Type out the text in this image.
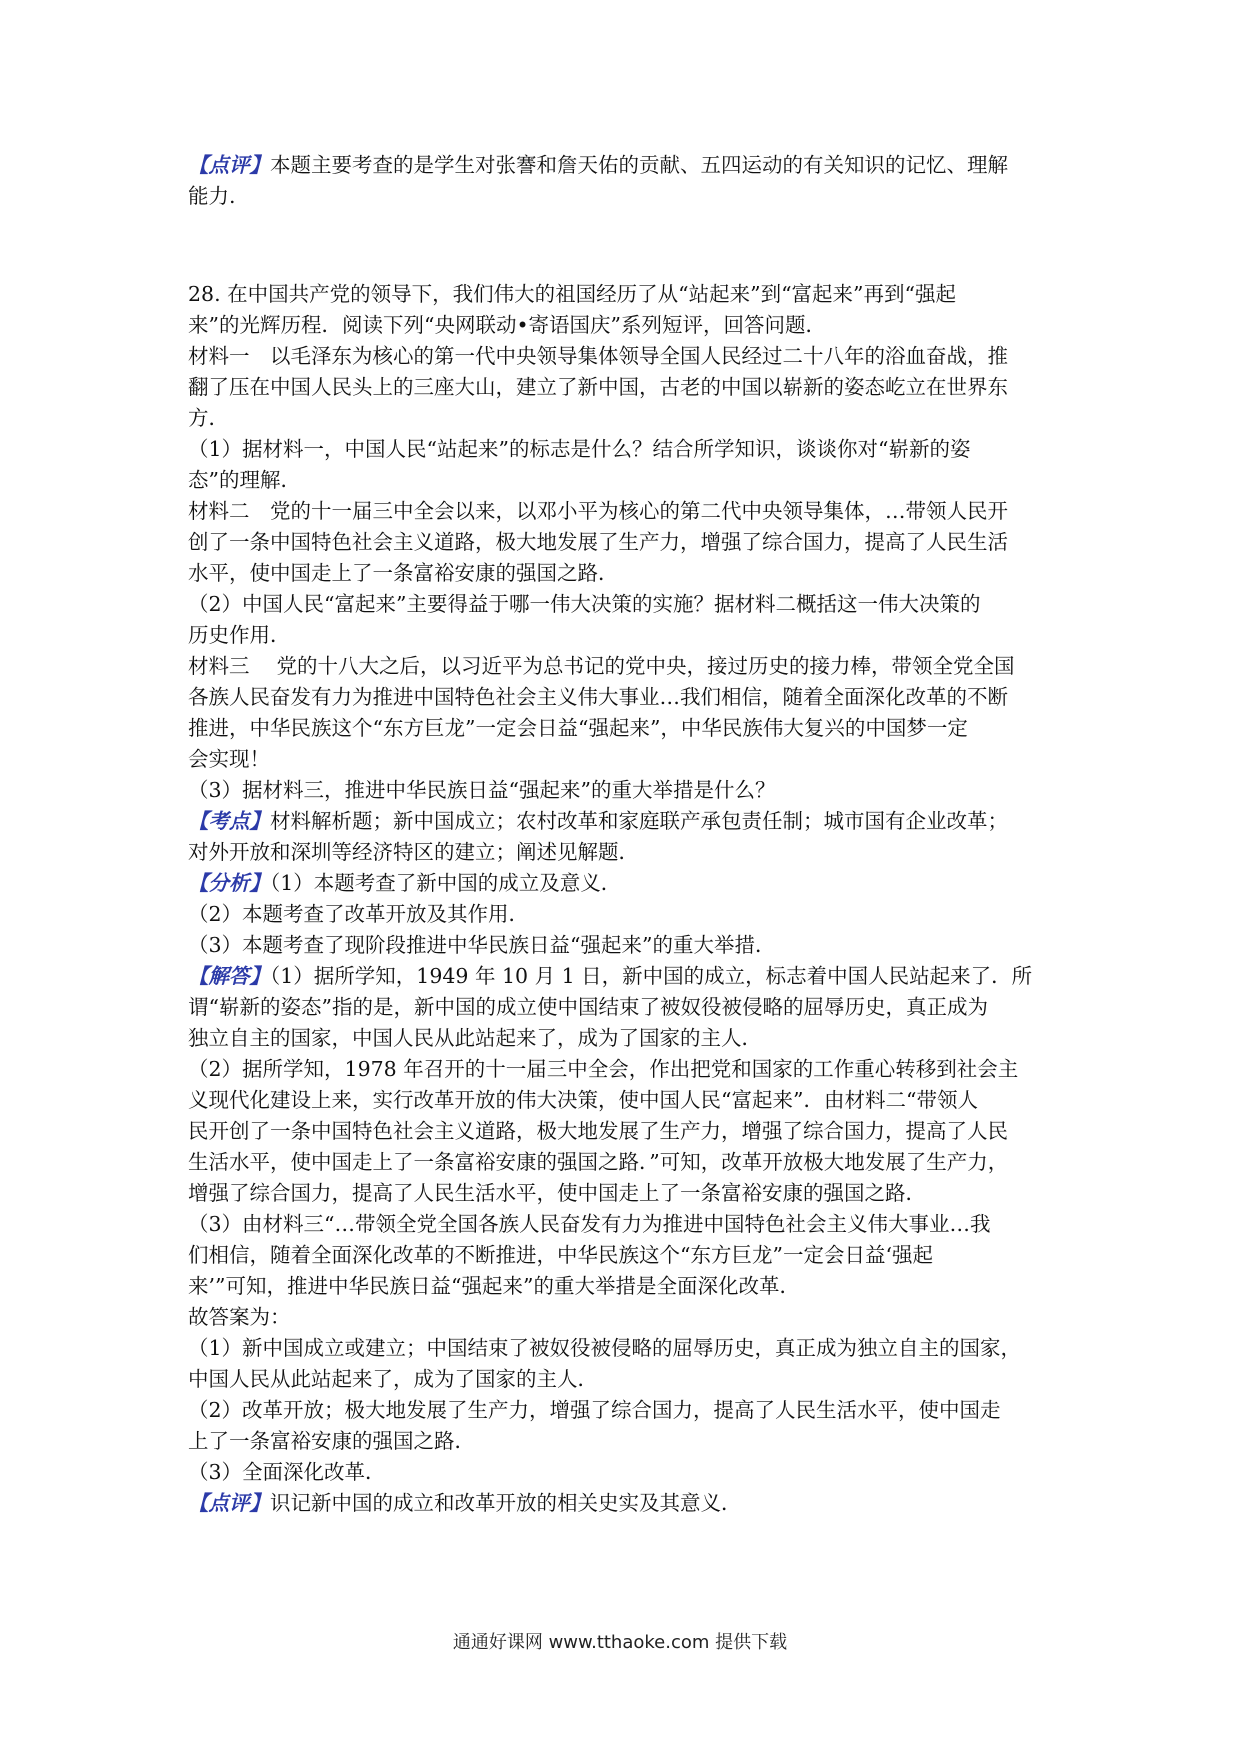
【点评】本题主要考查的是学生对张謇和詹天佑的贡献、五四运动的有关知识的记忆、理解
能力.
28. 在中国共产党的领导下，我们伟大的祖国经历了从“站起来”到“富起来”再到“强起
来”的光辉历程．阅读下列“央网联动•寄语国庆”系列短评，回答问题．
材料一　以毛泽东为核心的第一代中央领导集体领导全国人民经过二十八年的浴血奋战，推
翻了压在中国人民头上的三座大山，建立了新中国，古老的中国以崭新的姿态屹立在世界东
方．
（1）据材料一，中国人民“站起来”的标志是什么？结合所学知识，谈谈你对“崭新的姿
态”的理解．
材料二　党的十一届三中全会以来，以邓小平为核心的第二代中央领导集体，…带领人民开
创了一条中国特色社会主义道路，极大地发展了生产力，增强了综合国力，提高了人民生活
水平，使中国走上了一条富裕安康的强国之路．
（2）中国人民“富起来”主要得益于哪一伟大决策的实施？据材料二概括这一伟大决策的
历史作用．
材料三　 党的十八大之后，以习近平为总书记的党中央，接过历史的接力棒，带领全党全国
各族人民奋发有力为推进中国特色社会主义伟大事业…我们相信，随着全面深化改革的不断
推进，中华民族这个“东方巨龙”一定会日益“强起来”，中华民族伟大复兴的中国梦一定
会实现！
（3）据材料三，推进中华民族日益“强起来”的重大举措是什么？
【考点】材料解析题；新中国成立；农村改革和家庭联产承包责任制；城市国有企业改革；
对外开放和深圳等经济特区的建立；阐述见解题．
【分析】（1）本题考查了新中国的成立及意义．
（2）本题考查了改革开放及其作用．
（3）本题考查了现阶段推进中华民族日益“强起来”的重大举措．
【解答】（1）据所学知，1949 年 10 月 1 日，新中国的成立，标志着中国人民站起来了．所
谓“崭新的姿态”指的是，新中国的成立使中国结束了被奴役被侵略的屈辱历史，真正成为
独立自主的国家，中国人民从此站起来了，成为了国家的主人．
（2）据所学知，1978 年召开的十一届三中全会，作出把党和国家的工作重心转移到社会主
义现代化建设上来，实行改革开放的伟大决策，使中国人民“富起来”．由材料二“带领人
民开创了一条中国特色社会主义道路，极大地发展了生产力，增强了综合国力，提高了人民
生活水平，使中国走上了一条富裕安康的强国之路．”可知，改革开放极大地发展了生产力，
增强了综合国力，提高了人民生活水平，使中国走上了一条富裕安康的强国之路．
（3）由材料三“…带领全党全国各族人民奋发有力为推进中国特色社会主义伟大事业…我
们相信，随着全面深化改革的不断推进，中华民族这个“东方巨龙”一定会日益‘强起
来’”可知，推进中华民族日益“强起来”的重大举措是全面深化改革．
故答案为：
（1）新中国成立或建立；中国结束了被奴役被侵略的屈辱历史，真正成为独立自主的国家，
中国人民从此站起来了，成为了国家的主人．
（2）改革开放；极大地发展了生产力，增强了综合国力，提高了人民生活水平，使中国走
上了一条富裕安康的强国之路．
（3）全面深化改革．
【点评】识记新中国的成立和改革开放的相关史实及其意义．
通通好课网 www.tthaoke.com 提供下载
